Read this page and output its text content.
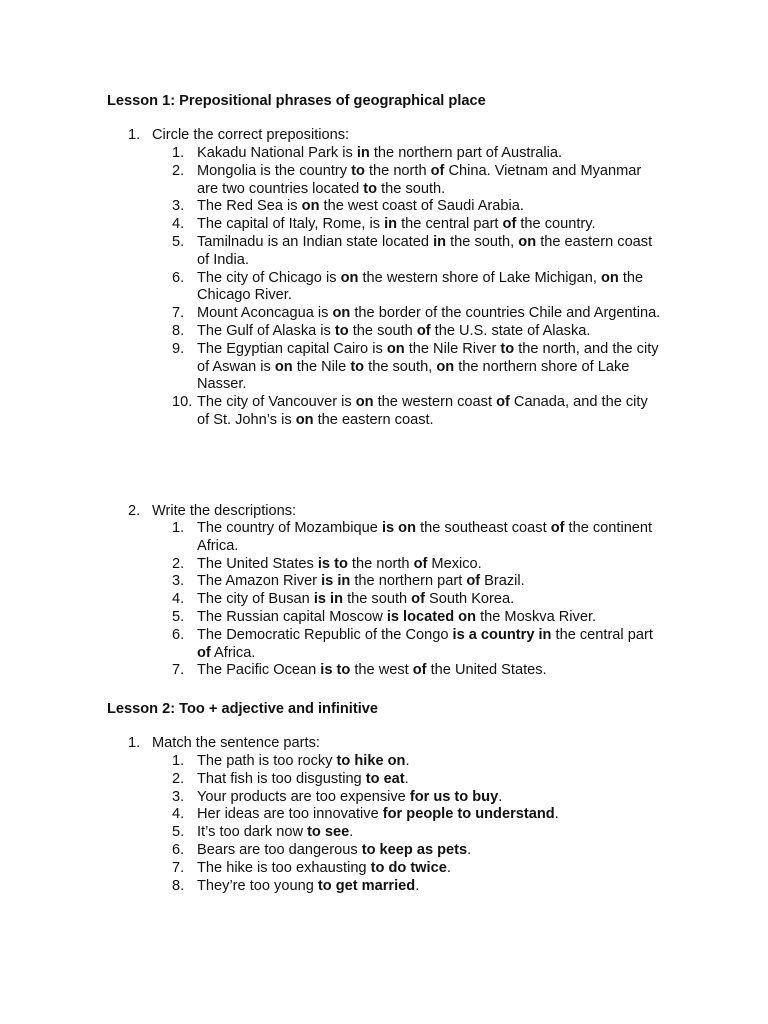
Lesson 1: Prepositional phrases of geographical place
1. Circle the correct prepositions:
1. Kakadu National Park is in the northern part of Australia.
2. Mongolia is the country to the north of China. Vietnam and Myanmar are two countries located to the south.
3. The Red Sea is on the west coast of Saudi Arabia.
4. The capital of Italy, Rome, is in the central part of the country.
5. Tamilnadu is an Indian state located in the south, on the eastern coast of India.
6. The city of Chicago is on the western shore of Lake Michigan, on the Chicago River.
7. Mount Aconcagua is on the border of the countries Chile and Argentina.
8. The Gulf of Alaska is to the south of the U.S. state of Alaska.
9. The Egyptian capital Cairo is on the Nile River to the north, and the city of Aswan is on the Nile to the south, on the northern shore of Lake Nasser.
10. The city of Vancouver is on the western coast of Canada, and the city of St. John’s is on the eastern coast.
2. Write the descriptions:
1. The country of Mozambique is on the southeast coast of the continent Africa.
2. The United States is to the north of Mexico.
3. The Amazon River is in the northern part of Brazil.
4. The city of Busan is in the south of South Korea.
5. The Russian capital Moscow is located on the Moskva River.
6. The Democratic Republic of the Congo is a country in the central part of Africa.
7. The Pacific Ocean is to the west of the United States.
Lesson 2: Too + adjective and infinitive
1. Match the sentence parts:
1. The path is too rocky to hike on.
2. That fish is too disgusting to eat.
3. Your products are too expensive for us to buy.
4. Her ideas are too innovative for people to understand.
5. It’s too dark now to see.
6. Bears are too dangerous to keep as pets.
7. The hike is too exhausting to do twice.
8. They’re too young to get married.
